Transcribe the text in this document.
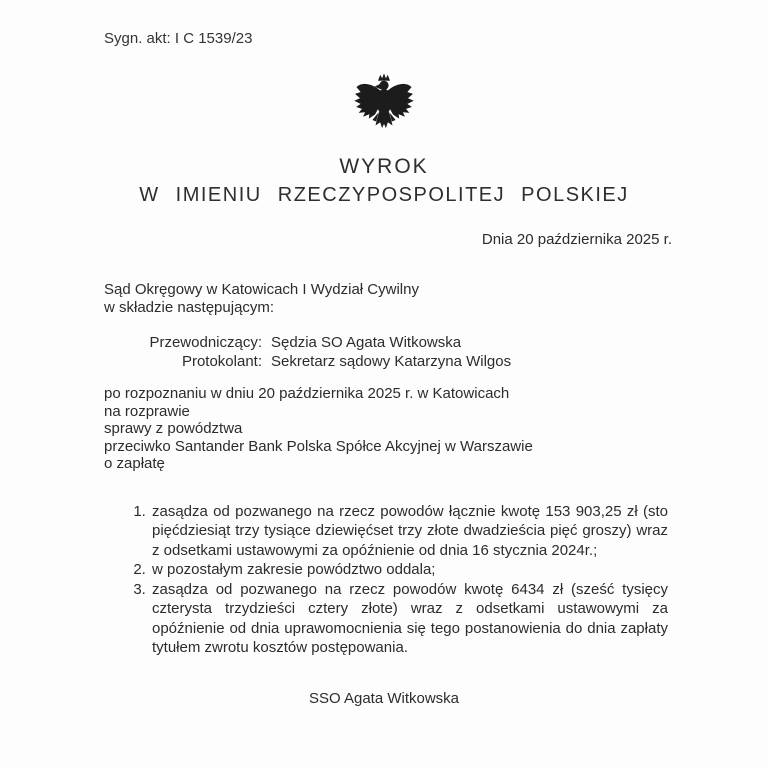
Sygn. akt: I C 1539/23

WYROK
W IMIENIU RZECZYPOSPOLITEJ POLSKIEJ
Dnia 20 października 2025 r.
Sąd Okręgowy w Katowicach I Wydział Cywilny
w składzie następującym:
Przewodniczący: Sędzia SO Agata Witkowska
Protokolant: Sekretarz sądowy Katarzyna Wilgos
po rozpoznaniu w dniu 20 października 2025 r. w Katowicach
na rozprawie
sprawy z powództwa
przeciwko Santander Bank Polska Spółce Akcyjnej w Warszawie
o zapłatę
1. zasądza od pozwanego na rzecz powodów łącznie kwotę 153 903,25 zł (sto pięćdziesiąt trzy tysiące dziewięćset trzy złote dwadzieścia pięć groszy) wraz z odsetkami ustawowymi za opóźnienie od dnia 16 stycznia 2024r.;
2. w pozostałym zakresie powództwo oddala;
3. zasądza od pozwanego na rzecz powodów kwotę 6434 zł (sześć tysięcy czterysta trzydzieści cztery złote) wraz z odsetkami ustawowymi za opóźnienie od dnia uprawomocnienia się tego postanowienia do dnia zapłaty tytułem zwrotu kosztów postępowania.
SSO Agata Witkowska
